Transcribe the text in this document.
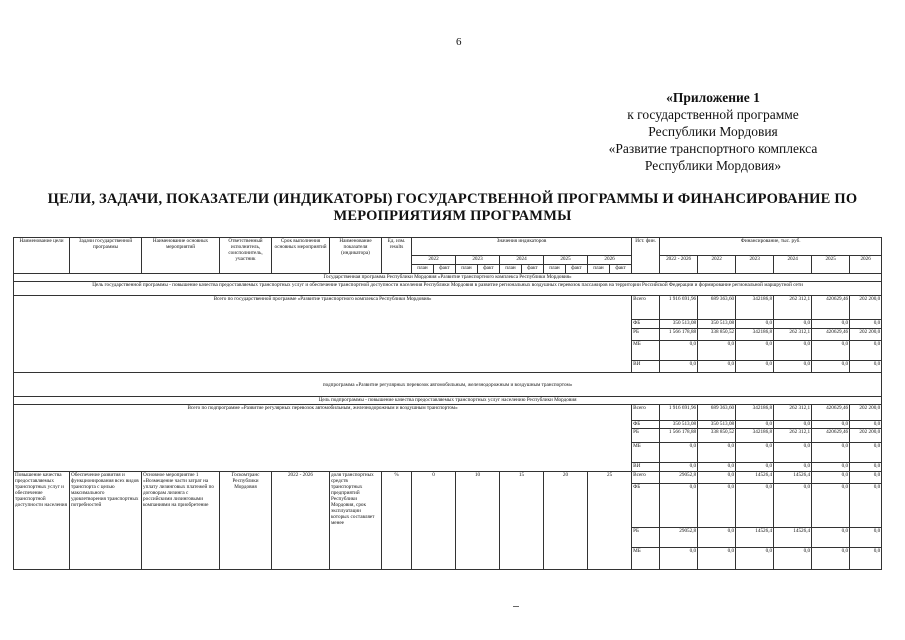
6
«Приложение 1
к государственной программе
Республики Мордовия
«Развитие транспортного комплекса
Республики Мордовия»
ЦЕЛИ, ЗАДАЧИ, ПОКАЗАТЕЛИ (ИНДИКАТОРЫ) ГОСУДАРСТВЕННОЙ ПРОГРАММЫ И ФИНАНСИРОВАНИЕ ПО
МЕРОПРИЯТИЯМ ПРОГРАММЫ
Наименование цели	Задачи государственной программы	Наименование основных мероприятий	Ответственный исполнитель, соисполнитель, участник	Срок выполнения основных мероприятий	Наименование показателя (индикатора)	Ед. изм. results	Значения индикаторов										Ист. фин.	Финансирование, тыс. руб.					
							2022		2023		2024		2025		2026			2022 - 2026	2022	2023	2024	2025	2026
							план	факт	план	факт	план	факт	план	факт	план	факт							
Государственная программа Республики Мордовия «Развитие транспортного комплекса Республики Мордовия»																							
Цель государственной программы - повышение качества предоставляемых транспортных услуг и обеспечение транспортной доступности населения Республики Мордовия в развитие региональных воздушных перевозок пассажиров на территории Российской Федерации и формирование региональной маршрутной сети																							
Всего по государственной программе «Развитие транспортного комплекса Республики Мордовия»																	Всего	1 916 691,96	689 363,60	342186,8	262 312,1	420629,46	202 200,0
																	ФБ	350 513,08	350 513,08	0,0	0,0	0,0	0,0
																	РБ	1 566 178,88	338 850,52	342186,8	262 312,1	420629,46	202 200,0
																	МБ	0,0	0,0	0,0	0,0	0,0	0,0
																	ВИ	0,0	0,0	0,0	0,0	0,0	0,0
подпрограмма «Развитие регулярных перевозок автомобильным, железнодорожным и воздушным транспортом»																							
Цель подпрограммы - повышение качества предоставляемых транспортных услуг населению Республики Мордовия																							
Всего по подпрограмме «Развитие регулярных перевозок автомобильным, железнодорожным и воздушным транспортом»																	Всего	1 916 691,96	689 363,60	342186,8	262 312,1	420629,46	202 200,0
																	ФБ	350 513,08	350 513,08	0,0	0,0	0,0	0,0
																	РБ	1 566 178,88	338 850,52	342186,8	262 312,1	420629,46	202 200,0
																	МБ	0,0	0,0	0,0	0,0	0,0	0,0
																	ВИ	0,0	0,0	0,0	0,0	0,0	0,0
Повышение качества предоставляемых транспортных услуг и обеспечение транспортной доступности населения	Обеспечение развития и функционирования всех видов транспорта с целью максимального удовлетворения транспортных потребностей	Основное мероприятие 1 «Возмещение части затрат на уплату лизинговых платежей по договорам лизинга с российскими лизинговыми компаниями на приобретение	Госкомтранс Республики Мордовия	2022 - 2026	доля транспортных средств транспортных предприятий Республики Мордовия, срок эксплуатации которых составляет менее	%	0		10		15		20		25		Всего	29052,8	0,0	14526,4	14526,4	0,0	0,0
																	ФБ	0,0	0,0	0,0	0,0	0,0	0,0
																	РБ	29052,8	0,0	14526,4	14526,4	0,0	0,0
																	МБ	0,0	0,0	0,0	0,0	0,0	0,0
